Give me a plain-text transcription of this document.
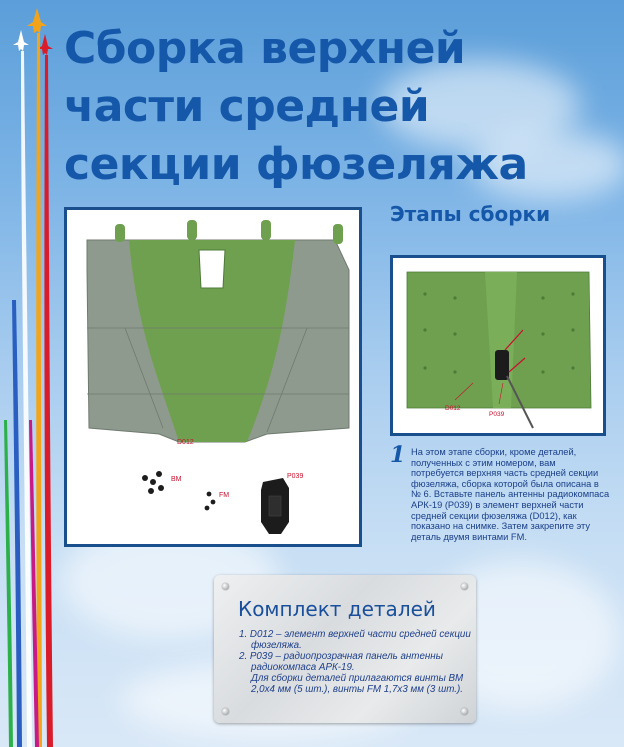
Сборка верхней части средней секции фюзеляжа
D012
BM
FM
P039
Этапы сборки
D012
P039
1 На этом этапе сборки, кроме деталей, полученных с этим номером, вам потребуется верхняя часть средней секции фюзеляжа, сборка которой была описана в № 6. Вставьте панель антенны радиокомпаса АРК-19 (P039) в элемент верхней части средней секции фюзеляжа (D012), как показано на снимке. Затем закрепите эту деталь двумя винтами FM.

Комплект деталей
1. D012 – элемент верхней части средней секции фюзеляжа.
2. P039 – радиопрозрачная панель антенны радиокомпаса АРК-19.

Для сборки деталей прилагаются винты BM 2,0x4 мм (5 шт.), винты FM 1,7x3 мм (3 шт.).
